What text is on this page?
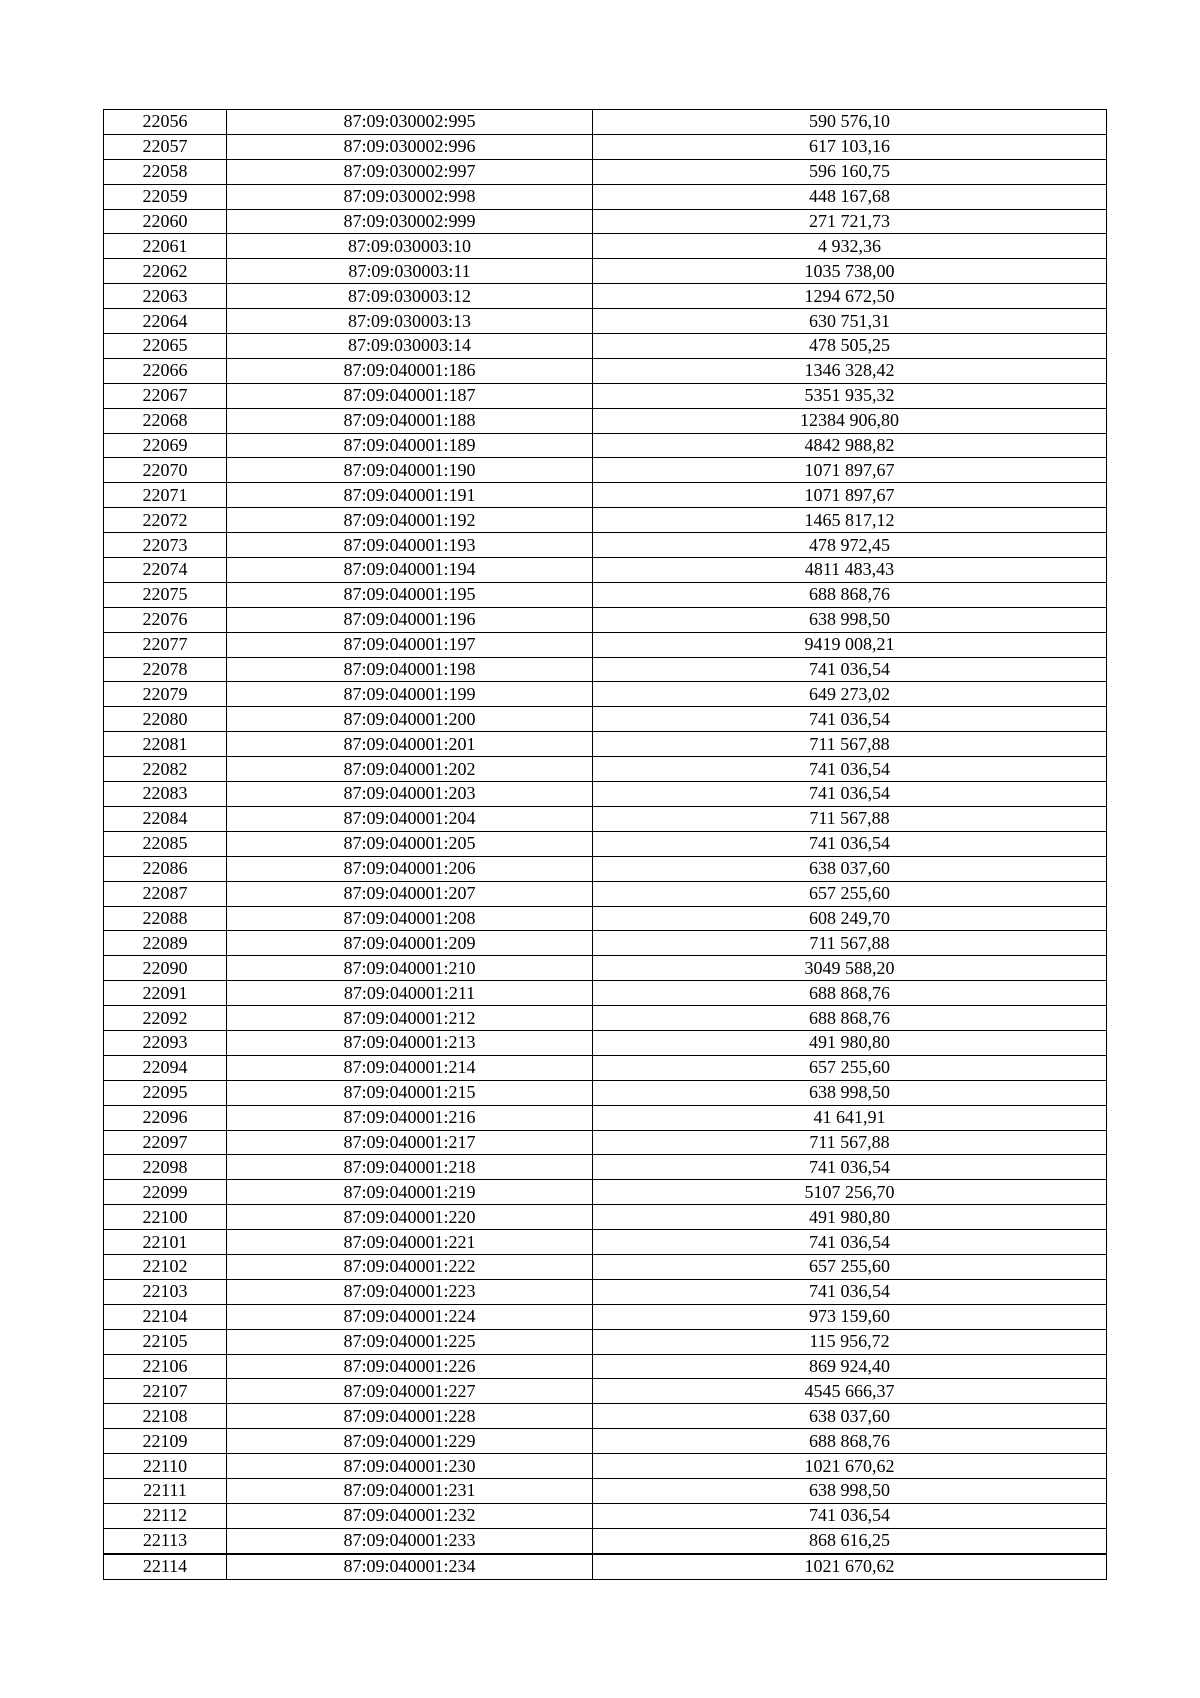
22056	87:09:030002:995	590 576,10
22057	87:09:030002:996	617 103,16
22058	87:09:030002:997	596 160,75
22059	87:09:030002:998	448 167,68
22060	87:09:030002:999	271 721,73
22061	87:09:030003:10	4 932,36
22062	87:09:030003:11	1035 738,00
22063	87:09:030003:12	1294 672,50
22064	87:09:030003:13	630 751,31
22065	87:09:030003:14	478 505,25
22066	87:09:040001:186	1346 328,42
22067	87:09:040001:187	5351 935,32
22068	87:09:040001:188	12384 906,80
22069	87:09:040001:189	4842 988,82
22070	87:09:040001:190	1071 897,67
22071	87:09:040001:191	1071 897,67
22072	87:09:040001:192	1465 817,12
22073	87:09:040001:193	478 972,45
22074	87:09:040001:194	4811 483,43
22075	87:09:040001:195	688 868,76
22076	87:09:040001:196	638 998,50
22077	87:09:040001:197	9419 008,21
22078	87:09:040001:198	741 036,54
22079	87:09:040001:199	649 273,02
22080	87:09:040001:200	741 036,54
22081	87:09:040001:201	711 567,88
22082	87:09:040001:202	741 036,54
22083	87:09:040001:203	741 036,54
22084	87:09:040001:204	711 567,88
22085	87:09:040001:205	741 036,54
22086	87:09:040001:206	638 037,60
22087	87:09:040001:207	657 255,60
22088	87:09:040001:208	608 249,70
22089	87:09:040001:209	711 567,88
22090	87:09:040001:210	3049 588,20
22091	87:09:040001:211	688 868,76
22092	87:09:040001:212	688 868,76
22093	87:09:040001:213	491 980,80
22094	87:09:040001:214	657 255,60
22095	87:09:040001:215	638 998,50
22096	87:09:040001:216	41 641,91
22097	87:09:040001:217	711 567,88
22098	87:09:040001:218	741 036,54
22099	87:09:040001:219	5107 256,70
22100	87:09:040001:220	491 980,80
22101	87:09:040001:221	741 036,54
22102	87:09:040001:222	657 255,60
22103	87:09:040001:223	741 036,54
22104	87:09:040001:224	973 159,60
22105	87:09:040001:225	115 956,72
22106	87:09:040001:226	869 924,40
22107	87:09:040001:227	4545 666,37
22108	87:09:040001:228	638 037,60
22109	87:09:040001:229	688 868,76
22110	87:09:040001:230	1021 670,62
22111	87:09:040001:231	638 998,50
22112	87:09:040001:232	741 036,54
22113	87:09:040001:233	868 616,25
22114	87:09:040001:234	1021 670,62
